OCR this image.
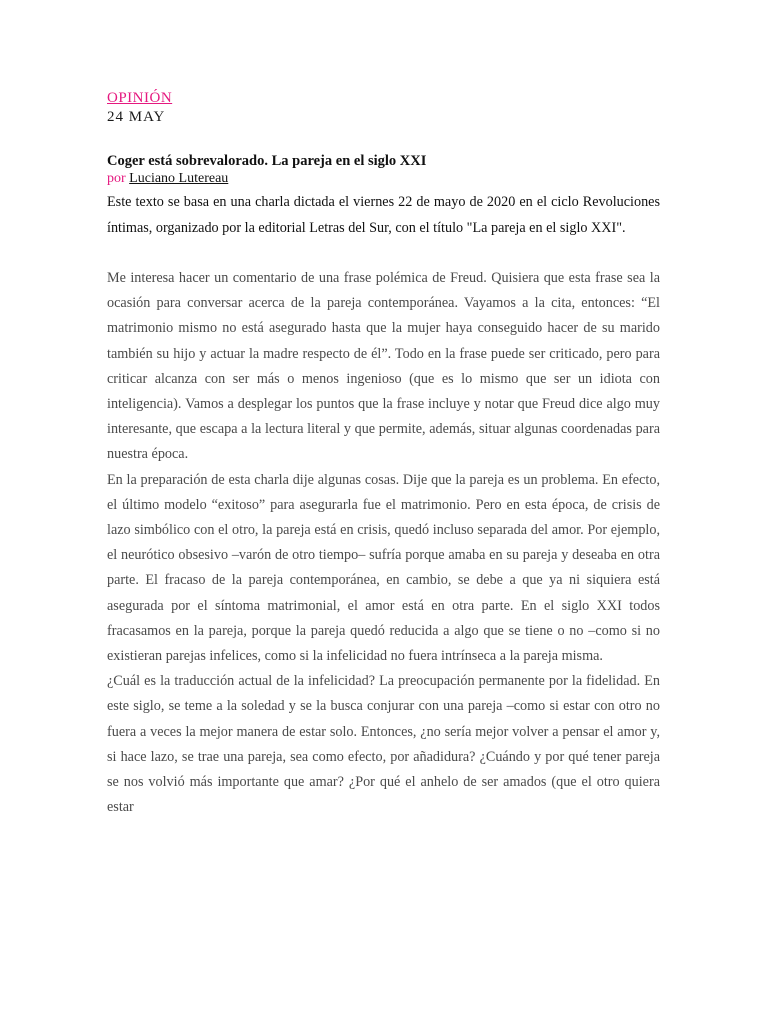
OPINIÓN
24 MAY
Coger está sobrevalorado. La pareja en el siglo XXI
por Luciano Lutereau
Este texto se basa en una charla dictada el viernes 22 de mayo de 2020 en el ciclo Revoluciones íntimas, organizado por la editorial Letras del Sur, con el título "La pareja en el siglo XXI".

Me interesa hacer un comentario de una frase polémica de Freud. Quisiera que esta frase sea la ocasión para conversar acerca de la pareja contemporánea. Vayamos a la cita, entonces: “El matrimonio mismo no está asegurado hasta que la mujer haya conseguido hacer de su marido también su hijo y actuar la madre respecto de él”. Todo en la frase puede ser criticado, pero para criticar alcanza con ser más o menos ingenioso (que es lo mismo que ser un idiota con inteligencia). Vamos a desplegar los puntos que la frase incluye y notar que Freud dice algo muy interesante, que escapa a la lectura literal y que permite, además, situar algunas coordenadas para nuestra época.

En la preparación de esta charla dije algunas cosas. Dije que la pareja es un problema. En efecto, el último modelo “exitoso” para asegurarla fue el matrimonio. Pero en esta época, de crisis de lazo simbólico con el otro, la pareja está en crisis, quedó incluso separada del amor. Por ejemplo, el neurótico obsesivo –varón de otro tiempo– sufría porque amaba en su pareja y deseaba en otra parte. El fracaso de la pareja contemporánea, en cambio, se debe a que ya ni siquiera está asegurada por el síntoma matrimonial, el amor está en otra parte. En el siglo XXI todos fracasamos en la pareja, porque la pareja quedó reducida a algo que se tiene o no –como si no existieran parejas infelices, como si la infelicidad no fuera intrínseca a la pareja misma.

¿Cuál es la traducción actual de la infelicidad? La preocupación permanente por la fidelidad. En este siglo, se teme a la soledad y se la busca conjurar con una pareja –como si estar con otro no fuera a veces la mejor manera de estar solo. Entonces, ¿no sería mejor volver a pensar el amor y, si hace lazo, se trae una pareja, sea como efecto, por añadidura? ¿Cuándo y por qué tener pareja se nos volvió más importante que amar? ¿Por qué el anhelo de ser amados (que el otro quiera estar
